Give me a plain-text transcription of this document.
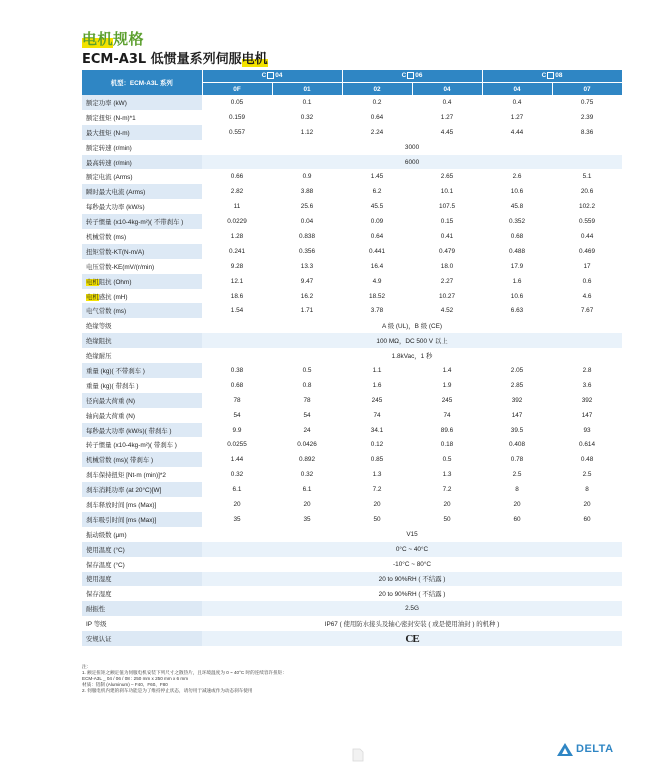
电机规格
ECM-A3L 低惯量系列伺服电机
机型：ECM-A3L 系列	C 04		C 06		C 08	
	0F	01	02	04	04	07
额定功率 (kW)	0.05	0.1	0.2	0.4	0.4	0.75
额定扭矩 (N-m)*1	0.159	0.32	0.64	1.27	1.27	2.39
最大扭矩 (N-m)	0.557	1.12	2.24	4.45	4.44	8.36
额定转速 (r/min)	3000					
最高转速 (r/min)	6000					
额定电流 (Arms)	0.66	0.9	1.45	2.65	2.6	5.1
瞬时最大电流 (Arms)	2.82	3.88	6.2	10.1	10.6	20.6
每秒最大功率 (kW/s)	11	25.6	45.5	107.5	45.8	102.2
转子惯量 (x10-4kg-m²)( 不带刹车 )	0.0229	0.04	0.09	0.15	0.352	0.559
机械常数 (ms)	1.28	0.838	0.64	0.41	0.68	0.44
扭矩常数-KT(N-m/A)	0.241	0.356	0.441	0.479	0.488	0.469
电压常数-KE(mV/(r/min)	9.28	13.3	16.4	18.0	17.9	17
电机阻抗 (Ohm)	12.1	9.47	4.9	2.27	1.6	0.6
电机感抗 (mH)	18.6	16.2	18.52	10.27	10.6	4.6
电气常数 (ms)	1.54	1.71	3.78	4.52	6.63	7.67
绝缘等级	A 级 (UL)，B 级 (CE)					
绝缘阻抗	100 MΩ，DC 500 V 以上					
绝缘耐压	1.8kVac，1 秒					
重量 (kg)( 不带刹车 )	0.38	0.5	1.1	1.4	2.05	2.8
重量 (kg)( 带刹车 )	0.68	0.8	1.6	1.9	2.85	3.6
径向最大荷重 (N)	78	78	245	245	392	392
轴向最大荷重 (N)	54	54	74	74	147	147
每秒最大功率 (kW/s)( 带刹车 )	9.9	24	34.1	89.6	39.5	93
转子惯量 (x10-4kg-m²)( 带刹车 )	0.0255	0.0426	0.12	0.18	0.408	0.614
机械常数 (ms)( 带刹车 )	1.44	0.892	0.85	0.5	0.78	0.48
刹车保持扭矩 [Nt-m (min)]*2	0.32	0.32	1.3	1.3	2.5	2.5
刹车消耗功率 (at 20°C)[W]	6.1	6.1	7.2	7.2	8	8
刹车释放时间 [ms (Max)]	20	20	20	20	20	20
刹车吸引时间 [ms (Max)]	35	35	50	50	60	60
振动级数 (μm)	V15					
使用温度 (°C)	0°C ~ 40°C					
保存温度 (°C)	-10°C ~ 80°C					
使用湿度	20 to 90%RH ( 不结露 )					
保存湿度	20 to 90%RH ( 不结露 )					
耐振性	2.5G					
IP 等级	IP67 ( 使用防水接头及轴心密封安装 ( 或是使用油封 ) 的机种 )					
安规认证	CE					
注：
1. 额定扭矩之额定值为伺服电机安装下列尺寸之散热片，且环境温度为 0 ~ 40°C 时的连续容许扭矩：
ECM-A3L _ 04 / 06 / 08 : 250 mm x 250 mm x 6 mm
材质：铝制 (Aluminum) – F40、F60、F80
2. 伺服电机内建的刹车功能是为了维持停止状态，请勿用于减速或作为动态刹车使用
DELTA
